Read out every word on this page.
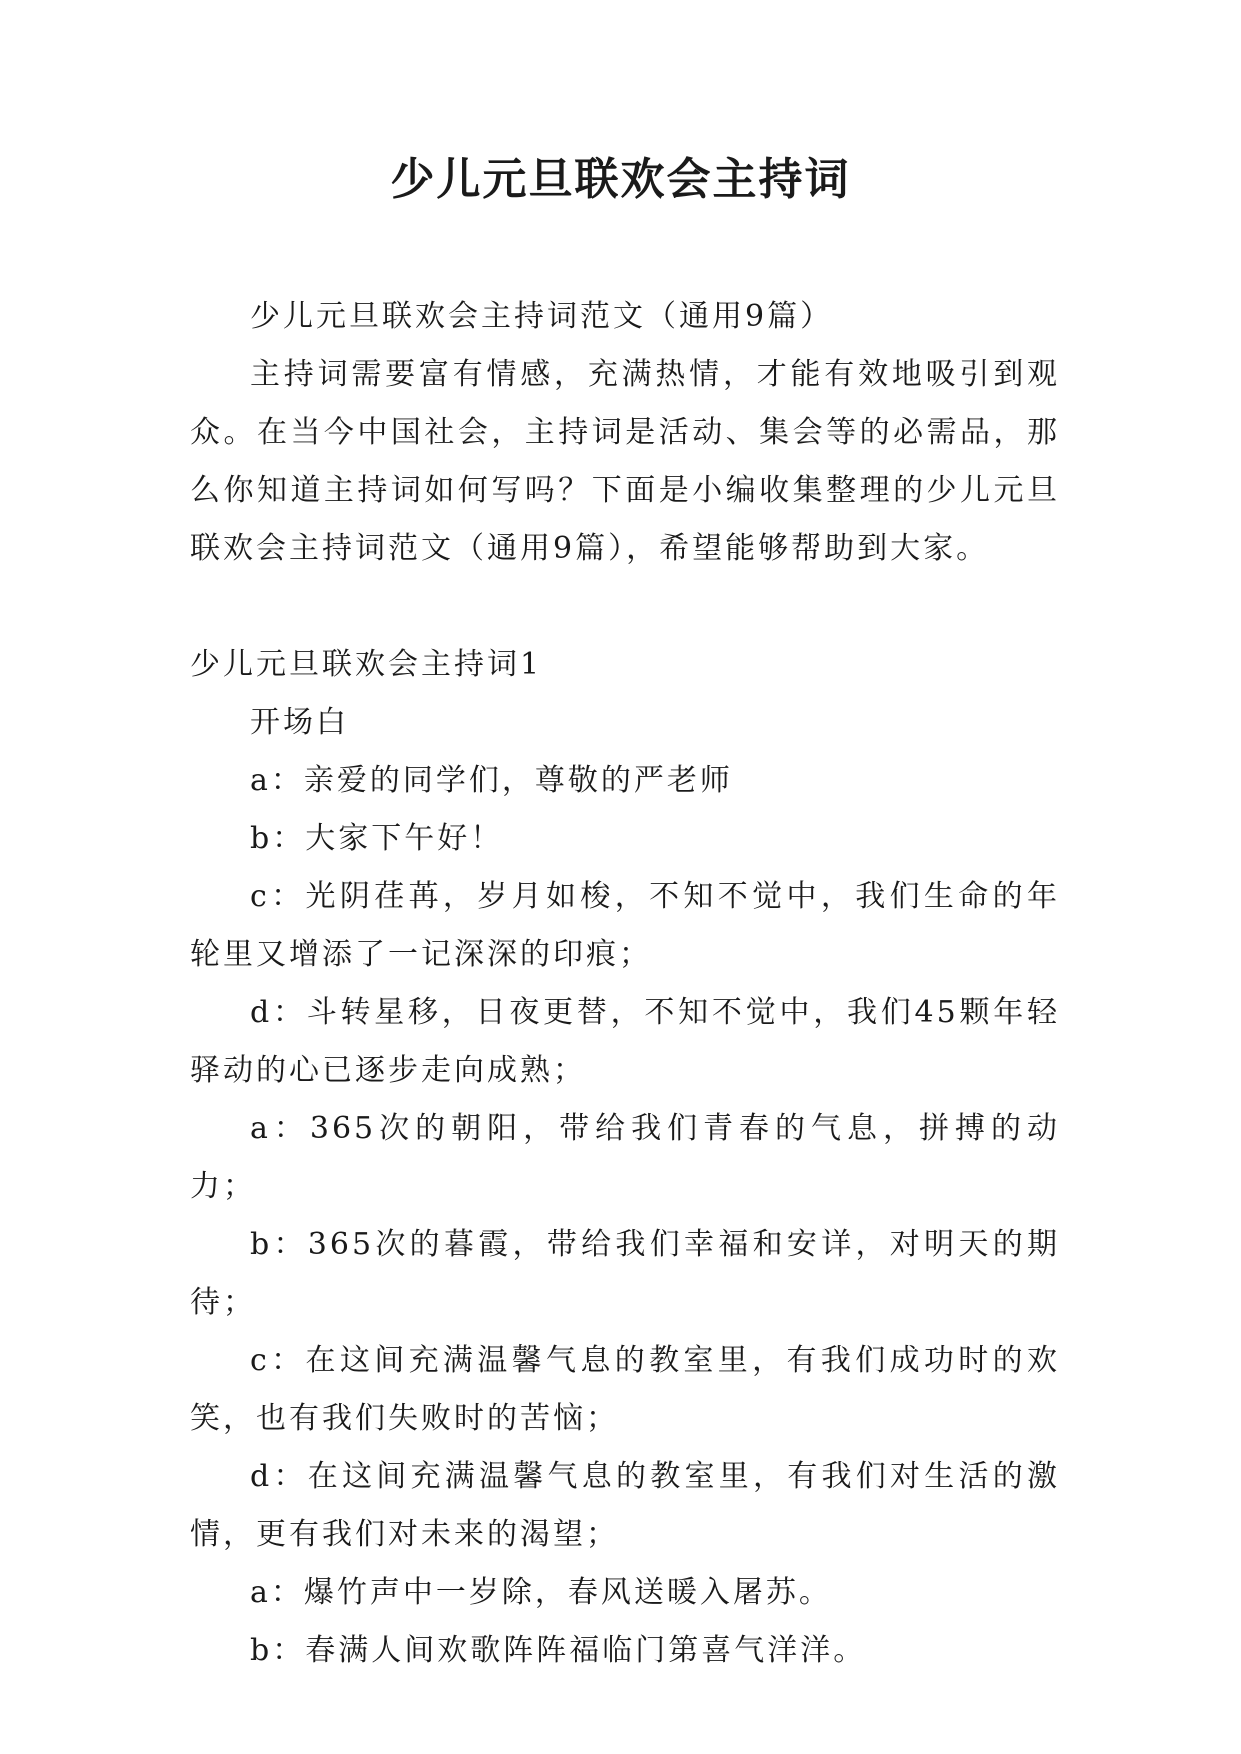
少儿元旦联欢会主持词

少儿元旦联欢会主持词范文（通用9篇）

主持词需要富有情感，充满热情，才能有效地吸引到观众。在当今中国社会，主持词是活动、集会等的必需品，那么你知道主持词如何写吗？下面是小编收集整理的少儿元旦联欢会主持词范文（通用9篇），希望能够帮助到大家。

少儿元旦联欢会主持词1

开场白

a：亲爱的同学们，尊敬的严老师

b：大家下午好！

c：光阴荏苒，岁月如梭，不知不觉中，我们生命的年轮里又增添了一记深深的印痕；

d：斗转星移，日夜更替，不知不觉中，我们45颗年轻驿动的心已逐步走向成熟；

a：365次的朝阳，带给我们青春的气息，拼搏的动力；

b：365次的暮霞，带给我们幸福和安详，对明天的期待；

c：在这间充满温馨气息的教室里，有我们成功时的欢笑，也有我们失败时的苦恼；

d：在这间充满温馨气息的教室里，有我们对生活的激情，更有我们对未来的渴望；

a：爆竹声中一岁除，春风送暖入屠苏。

b：春满人间欢歌阵阵福临门第喜气洋洋。
